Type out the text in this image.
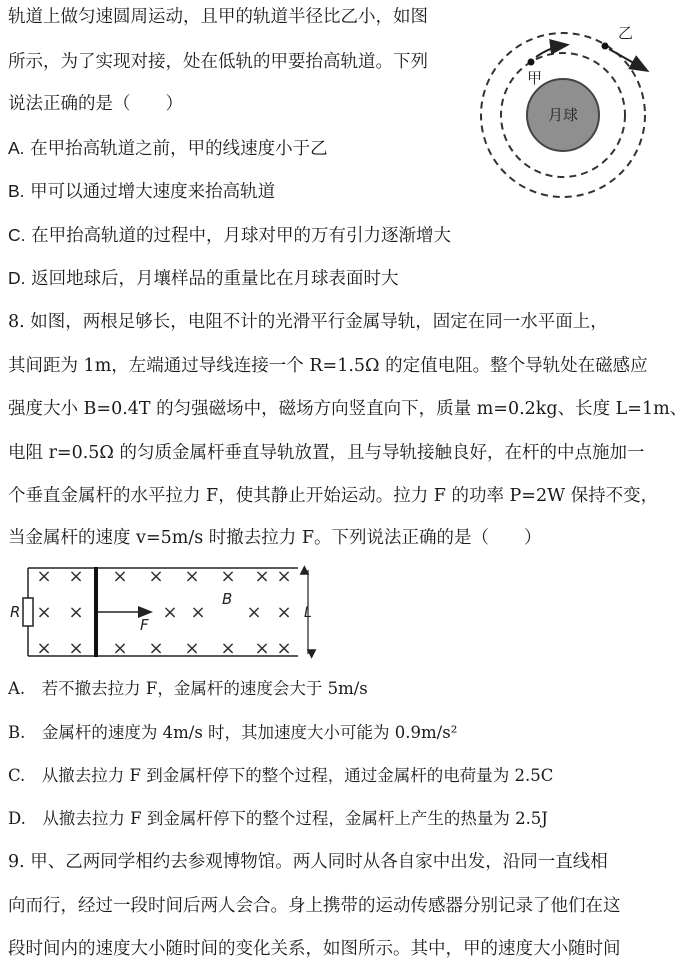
轨道上做匀速圆周运动，且甲的轨道半径比乙小，如图
所示，为了实现对接，处在低轨的甲要抬高轨道。下列
说法正确的是（　　）
A. 在甲抬高轨道之前，甲的线速度小于乙
B. 甲可以通过增大速度来抬高轨道
C. 在甲抬高轨道的过程中，月球对甲的万有引力逐渐增大
D. 返回地球后，月壤样品的重量比在月球表面时大
月球
甲
乙
8. 如图，两根足够长，电阻不计的光滑平行金属导轨，固定在同一水平面上，
其间距为 1m，左端通过导线连接一个 R=1.5Ω 的定值电阻。整个导轨处在磁感应
强度大小 B=0.4T 的匀强磁场中，磁场方向竖直向下，质量 m=0.2kg、长度 L=1m、
电阻 r=0.5Ω 的匀质金属杆垂直导轨放置，且与导轨接触良好，在杆的中点施加一
个垂直金属杆的水平拉力 F，使其静止开始运动。拉力 F 的功率 P=2W 保持不变，
当金属杆的速度 v=5m/s 时撤去拉力 F。下列说法正确的是（　　）
R
F
B
L
× × × × × × × ×
× ×	× × × ×
× × × × × × × ×
A.　若不撤去拉力 F，金属杆的速度会大于 5m/s
B.　金属杆的速度为 4m/s 时，其加速度大小可能为 0.9m/s²
C.　从撤去拉力 F 到金属杆停下的整个过程，通过金属杆的电荷量为 2.5C
D.　从撤去拉力 F 到金属杆停下的整个过程，金属杆上产生的热量为 2.5J
9. 甲、乙两同学相约去参观博物馆。两人同时从各自家中出发，沿同一直线相
向而行，经过一段时间后两人会合。身上携带的运动传感器分别记录了他们在这
段时间内的速度大小随时间的变化关系，如图所示。其中，甲的速度大小随时间
